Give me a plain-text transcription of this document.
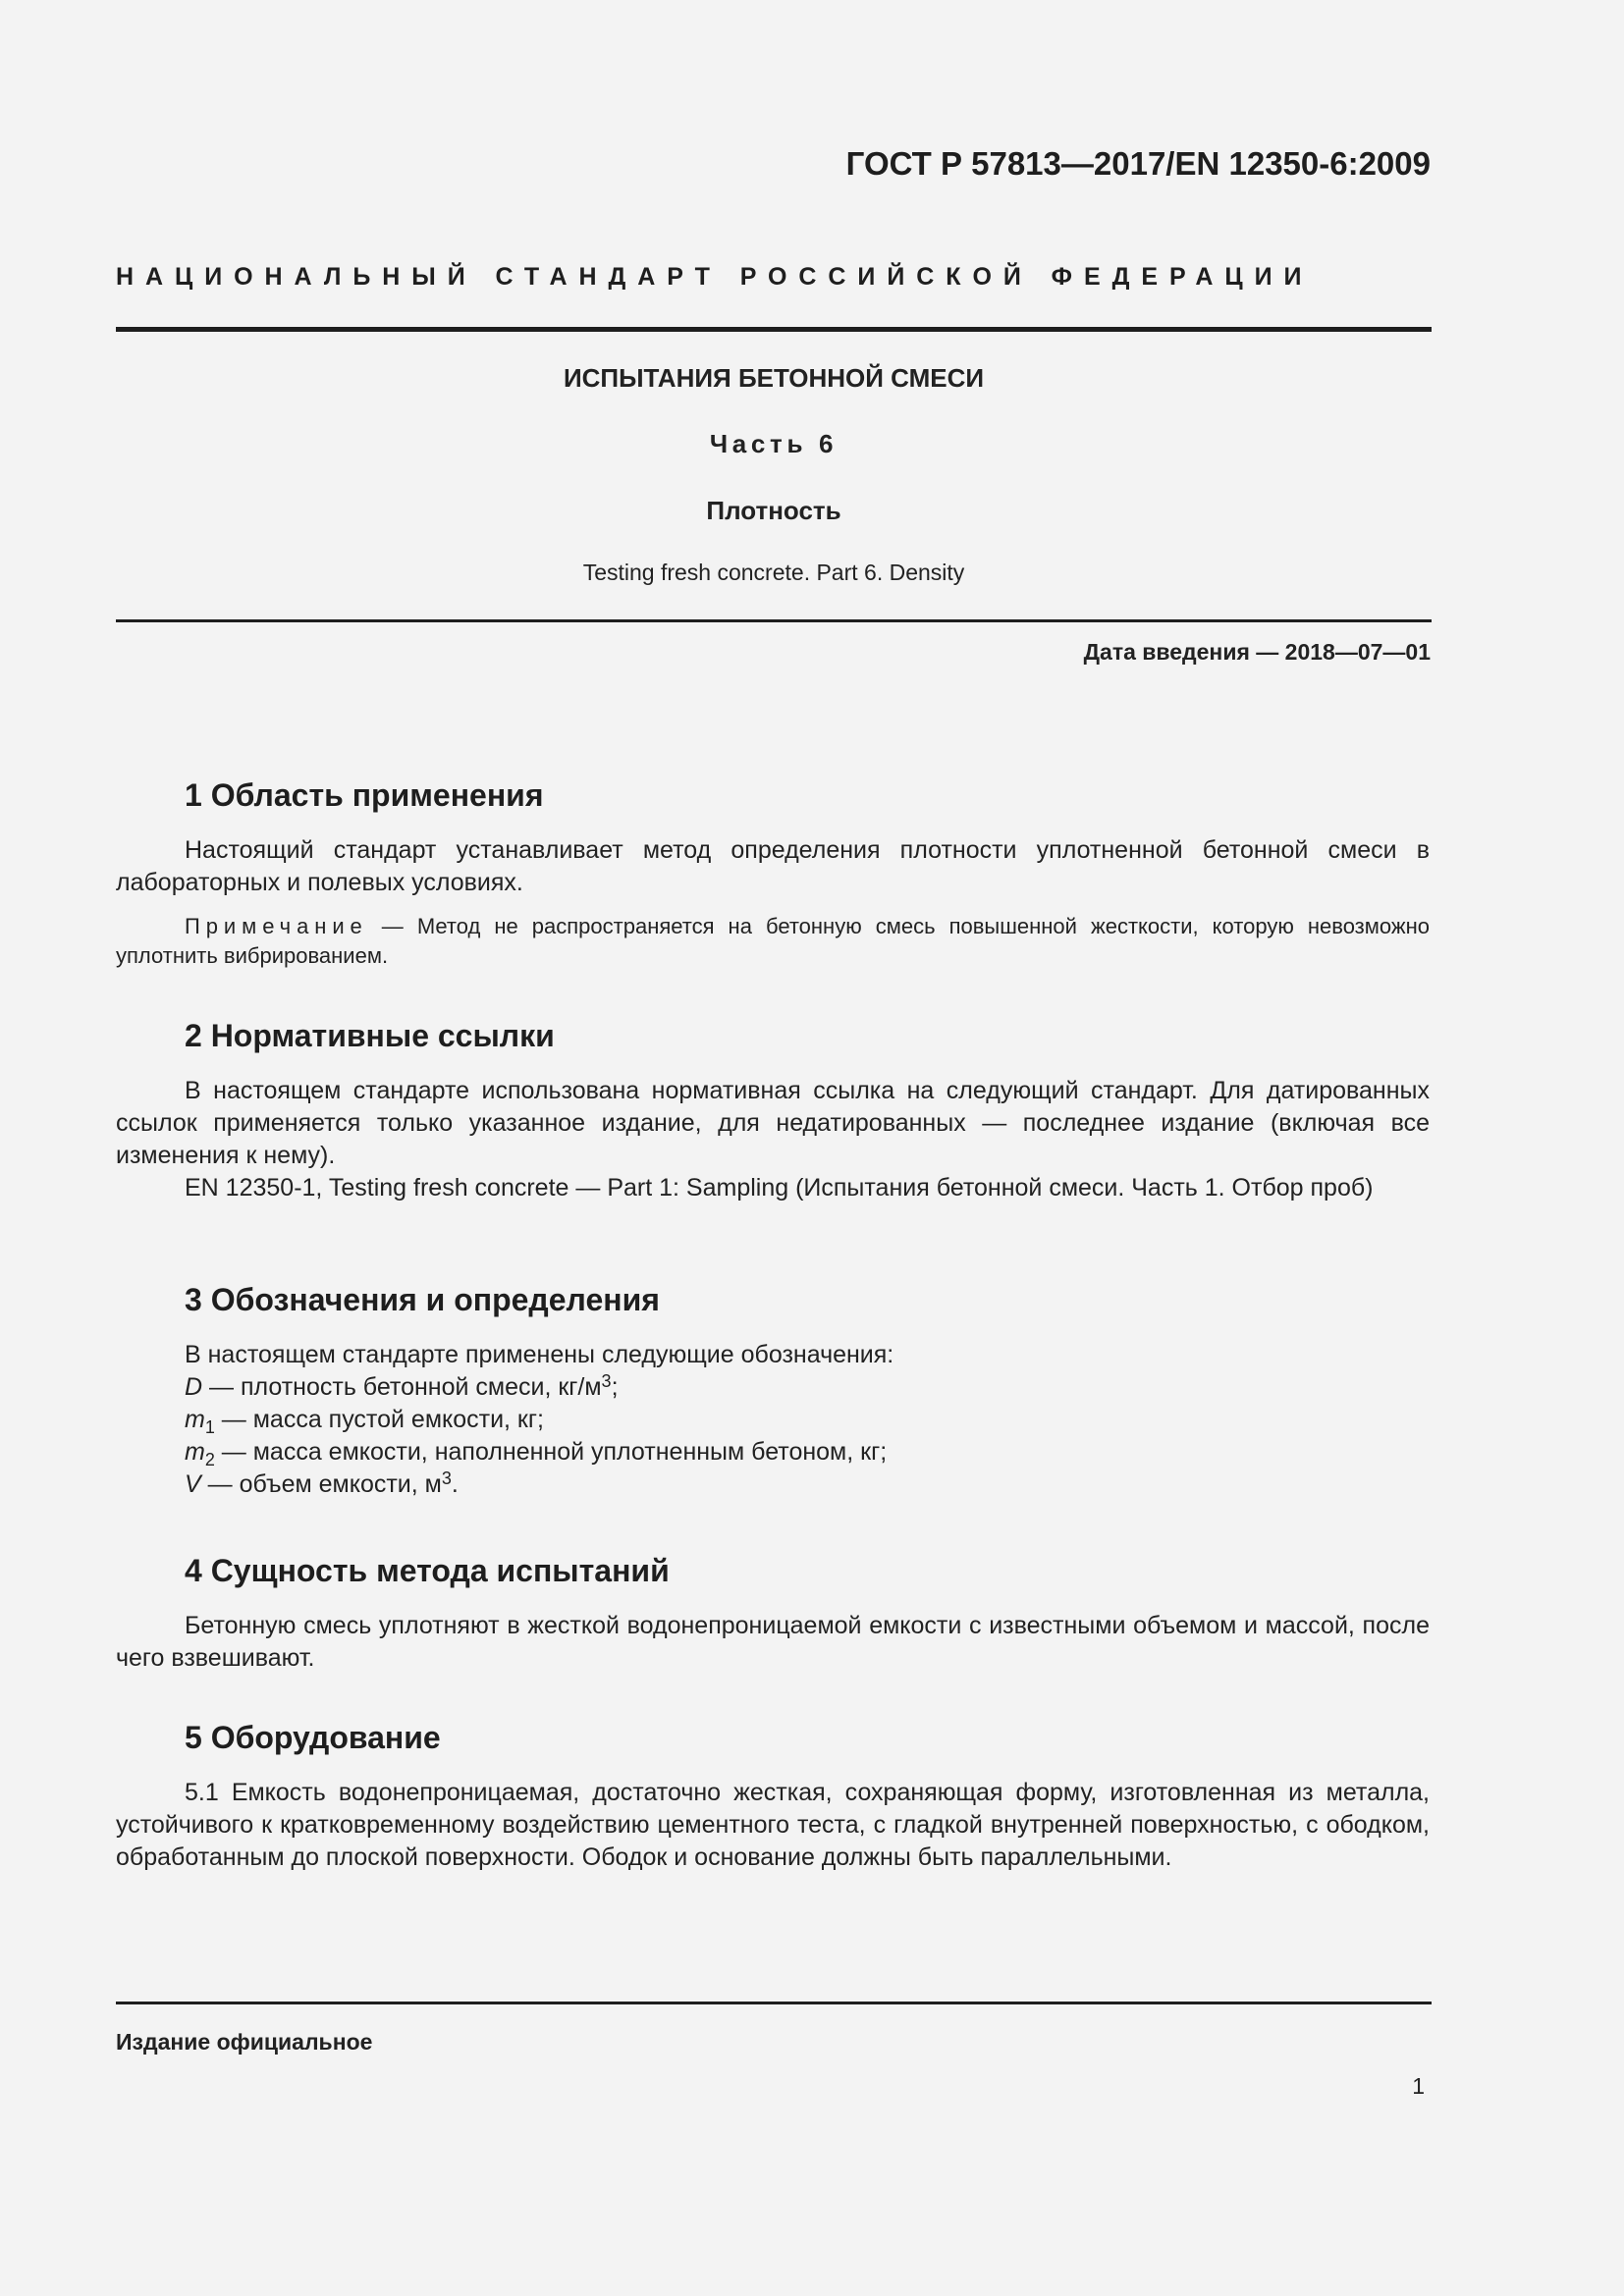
ГОСТ Р 57813—2017/EN 12350-6:2009
НАЦИОНАЛЬНЫЙ СТАНДАРТ РОССИЙСКОЙ ФЕДЕРАЦИИ
ИСПЫТАНИЯ БЕТОННОЙ СМЕСИ
Часть 6
Плотность
Testing fresh concrete. Part 6. Density
Дата введения — 2018—07—01
1 Область применения

Настоящий стандарт устанавливает метод определения плотности уплотненной бетонной смеси в лабораторных и полевых условиях.

Примечание — Метод не распространяется на бетонную смесь повышенной жесткости, которую невозможно уплотнить вибрированием.

2 Нормативные ссылки

В настоящем стандарте использована нормативная ссылка на следующий стандарт. Для датированных ссылок применяется только указанное издание, для недатированных — последнее издание (включая все изменения к нему).

EN 12350-1, Testing fresh concrete — Part 1: Sampling (Испытания бетонной смеси. Часть 1. Отбор проб)

3 Обозначения и определения
В настоящем стандарте применены следующие обозначения:
D — плотность бетонной смеси, $кг/м^3$;
$m_1$ — масса пустой емкости, кг;
$m_2$ — масса емкости, наполненной уплотненным бетоном, кг;
V — объем емкости, $м^3$.
4 Сущность метода испытаний

Бетонную смесь уплотняют в жесткой водонепроницаемой емкости с известными объемом и массой, после чего взвешивают.

5 Оборудование

5.1 Емкость водонепроницаемая, достаточно жесткая, сохраняющая форму, изготовленная из металла, устойчивого к кратковременному воздействию цементного теста, с гладкой внутренней поверхностью, с ободком, обработанным до плоской поверхности. Ободок и основание должны быть параллельными.

Издание официальное
1
